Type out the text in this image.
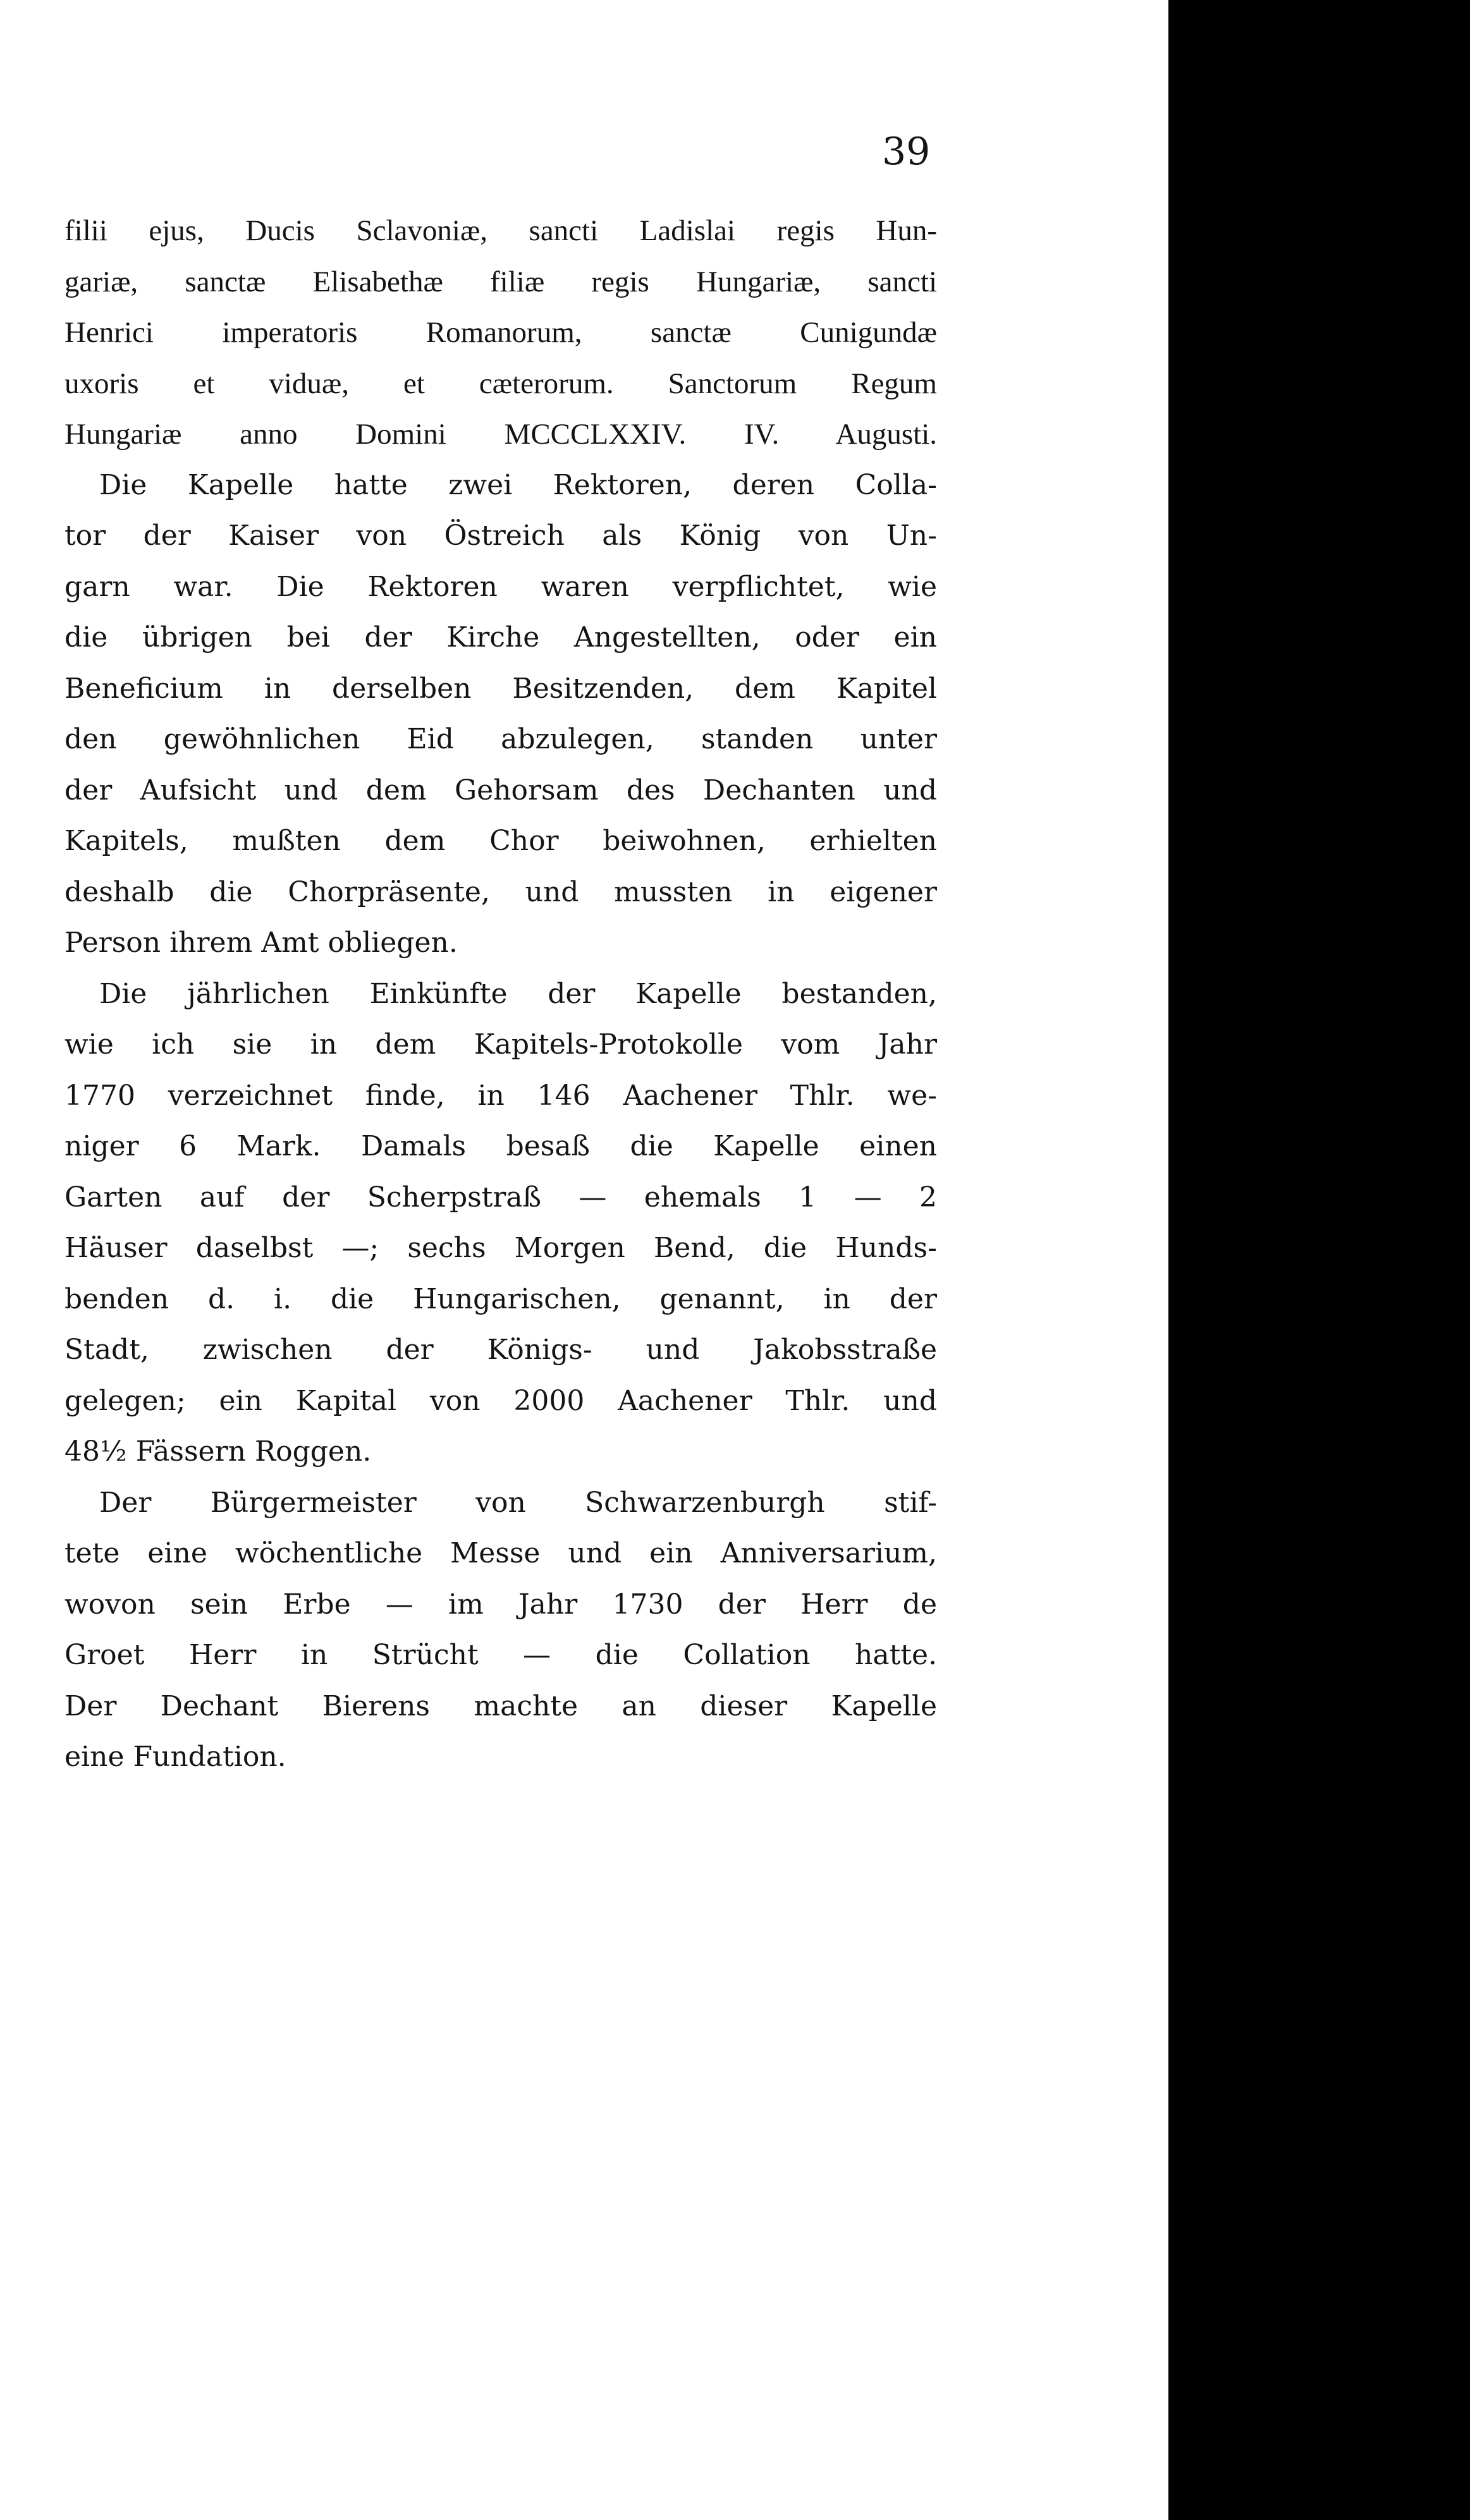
39
filii ejus, Ducis Sclavoniæ, sancti Ladislai regis Hun-
gariæ, sanctæ Elisabethæ filiæ regis Hungariæ, sancti
Henrici imperatoris Romanorum, sanctæ Cunigundæ
uxoris et viduæ, et cæterorum. Sanctorum Regum
Hungariæ anno Domini MCCCLXXIV. IV. Augusti.
Die Kapelle hatte zwei Rektoren, deren Colla-
tor der Kaiser von Östreich als König von Un-
garn war. Die Rektoren waren verpflichtet, wie
die übrigen bei der Kirche Angestellten, oder ein
Beneficium in derselben Besitzenden, dem Kapitel
den gewöhnlichen Eid abzulegen, standen unter
der Aufsicht und dem Gehorsam des Dechanten und
Kapitels, mußten dem Chor beiwohnen, erhielten
deshalb die Chorpräsente, und mussten in eigener
Person ihrem Amt obliegen.
Die jährlichen Einkünfte der Kapelle bestanden,
wie ich sie in dem Kapitels-Protokolle vom Jahr
1770 verzeichnet finde, in 146 Aachener Thlr. we-
niger 6 Mark. Damals besaß die Kapelle einen
Garten auf der Scherpstraß — ehemals 1 — 2
Häuser daselbst —; sechs Morgen Bend, die Hunds-
benden d. i. die Hungarischen, genannt, in der
Stadt, zwischen der Königs- und Jakobsstraße
gelegen; ein Kapital von 2000 Aachener Thlr. und
48½ Fässern Roggen.
Der Bürgermeister von Schwarzenburgh stif-
tete eine wöchentliche Messe und ein Anniversarium,
wovon sein Erbe — im Jahr 1730 der Herr de
Groet Herr in Strücht — die Collation hatte.
Der Dechant Bierens machte an dieser Kapelle
eine Fundation.
